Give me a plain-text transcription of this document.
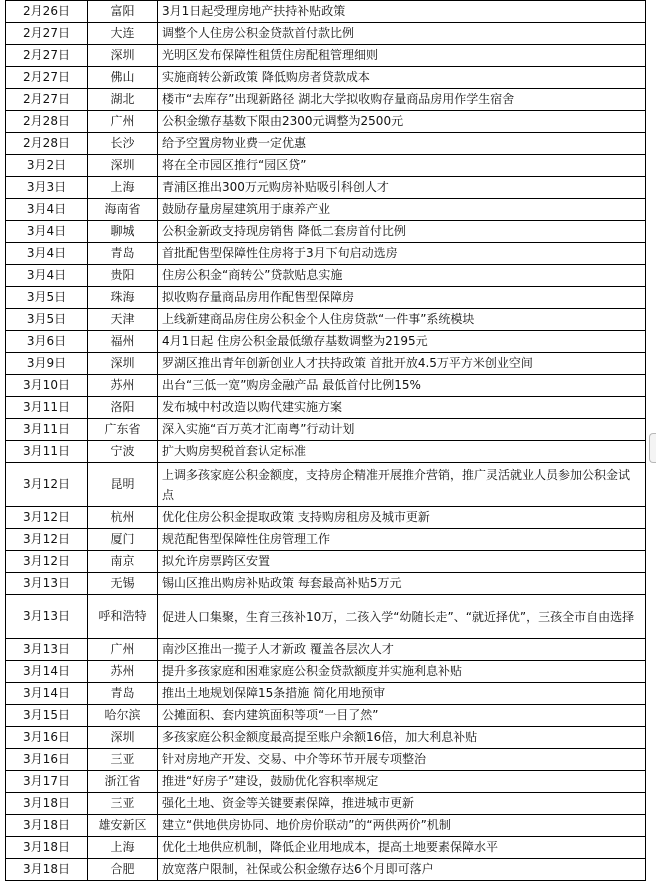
2月26日	富阳	3月1日起受理房地产扶持补贴政策
2月27日	大连	调整个人住房公积金贷款首付款比例
2月27日	深圳	光明区发布保障性租赁住房配租管理细则
2月27日	佛山	实施商转公新政策 降低购房者贷款成本
2月27日	湖北	楼市“去库存”出现新路径 湖北大学拟收购存量商品房用作学生宿舍
2月28日	广州	公积金缴存基数下限由2300元调整为2500元
2月28日	长沙	给予空置房物业费一定优惠
3月2日	深圳	将在全市园区推行“园区贷”
3月3日	上海	青浦区推出300万元购房补贴吸引科创人才
3月4日	海南省	鼓励存量房屋建筑用于康养产业
3月4日	聊城	公积金新政支持现房销售 降低二套房首付比例
3月4日	青岛	首批配售型保障性住房将于3月下旬启动选房
3月4日	贵阳	住房公积金“商转公”贷款贴息实施
3月5日	珠海	拟收购存量商品房用作配售型保障房
3月5日	天津	上线新建商品房住房公积金个人住房贷款“一件事”系统模块
3月6日	福州	4月1日起 住房公积金最低缴存基数调整为2195元
3月9日	深圳	罗湖区推出青年创新创业人才扶持政策 首批开放4.5万平方米创业空间
3月10日	苏州	出台“三低一宽”购房金融产品 最低首付比例15%
3月11日	洛阳	发布城中村改造以购代建实施方案
3月11日	广东省	深入实施“百万英才汇南粤”行动计划
3月11日	宁波	扩大购房契税首套认定标准
3月12日	昆明	上调多孩家庭公积金额度，支持房企精准开展推介营销，推广灵活就业人员参加公积金试点
3月12日	杭州	优化住房公积金提取政策 支持购房租房及城市更新
3月12日	厦门	规范配售型保障性住房管理工作
3月12日	南京	拟允许房票跨区安置
3月13日	无锡	锡山区推出购房补贴政策 每套最高补贴5万元
3月13日	呼和浩特	促进人口集聚，生育三孩补10万，二孩入学“幼随长走”、“就近择优”，三孩全市自由选择
3月13日	广州	南沙区推出一揽子人才新政 覆盖各层次人才
3月14日	苏州	提升多孩家庭和困难家庭公积金贷款额度并实施利息补贴
3月14日	青岛	推出土地规划保障15条措施 简化用地预审
3月15日	哈尔滨	公摊面积、套内建筑面积等项“一目了然”
3月16日	深圳	多孩家庭公积金额度最高提至账户余额16倍，加大利息补贴
3月16日	三亚	针对房地产开发、交易、中介等环节开展专项整治
3月17日	浙江省	推进“好房子”建设，鼓励优化容积率规定
3月18日	三亚	强化土地、资金等关键要素保障，推进城市更新
3月18日	雄安新区	建立“供地供房协同、地价房价联动”的“两供两价”机制
3月18日	上海	优化土地供应机制，降低企业用地成本，提高土地要素保障水平
3月18日	合肥	放宽落户限制，社保或公积金缴存达6个月即可落户
